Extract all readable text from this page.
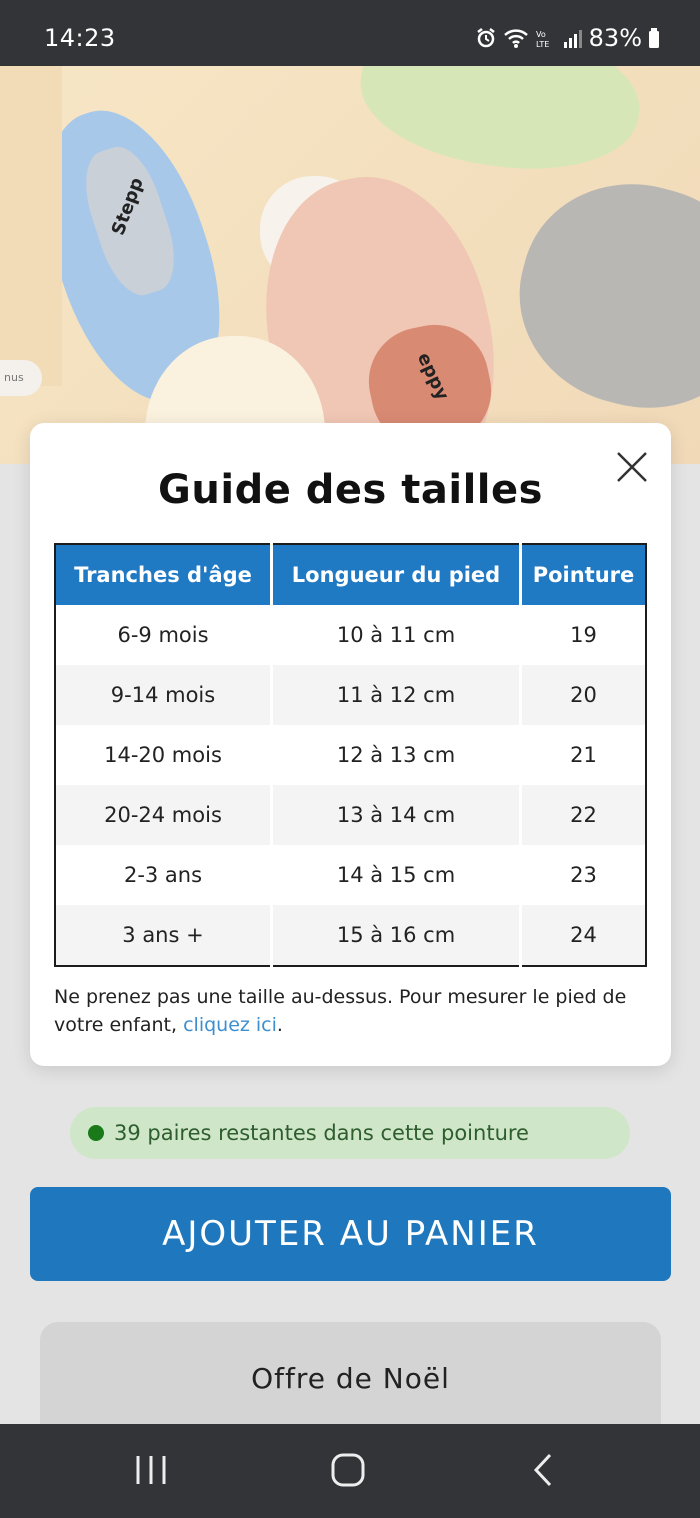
14:23	Vo
LTE 83%
Stepp
eppy
nus
Guide des tailles
Tranches d'âge	Longueur du pied	Pointure
6-9 mois	10 à 11 cm	19
9-14 mois	11 à 12 cm	20
14-20 mois	12 à 13 cm	21
20-24 mois	13 à 14 cm	22
2-3 ans	14 à 15 cm	23
3 ans +	15 à 16 cm	24
Ne prenez pas une taille au-dessus. Pour mesurer le pied de votre enfant, cliquez ici.
39 paires restantes dans cette pointure
AJOUTER AU PANIER
Offre de Noël
